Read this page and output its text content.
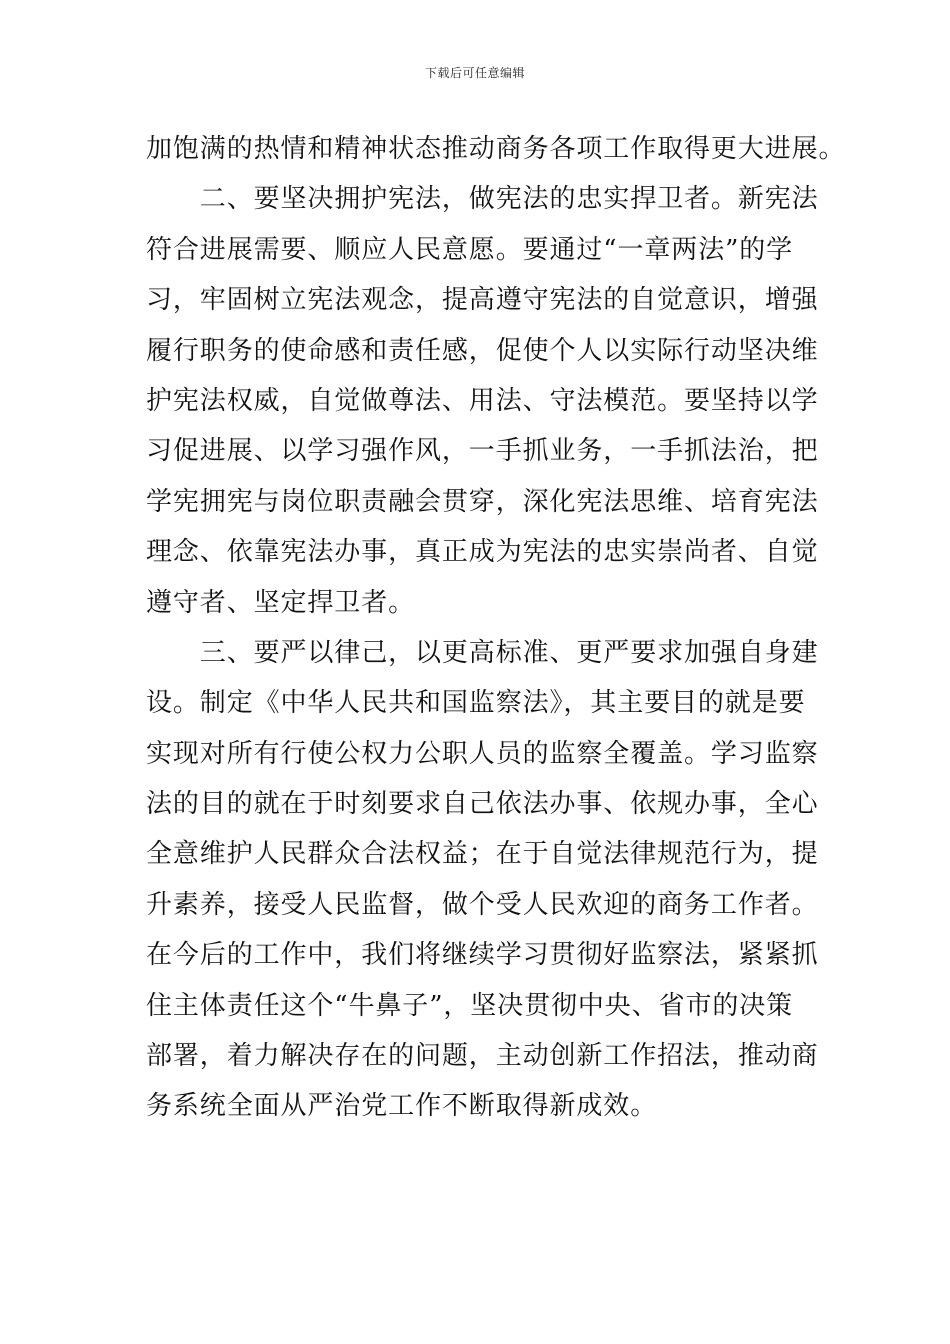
下载后可任意编辑
加饱满的热情和精神状态推动商务各项工作取得更大进展。
　　二、要坚决拥护宪法，做宪法的忠实捍卫者。新宪法
符合进展需要、顺应人民意愿。要通过“一章两法”的学
习，牢固树立宪法观念，提高遵守宪法的自觉意识，增强
履行职务的使命感和责任感，促使个人以实际行动坚决维
护宪法权威，自觉做尊法、用法、守法模范。要坚持以学
习促进展、以学习强作风，一手抓业务，一手抓法治，把
学宪拥宪与岗位职责融会贯穿，深化宪法思维、培育宪法
理念、依靠宪法办事，真正成为宪法的忠实崇尚者、自觉
遵守者、坚定捍卫者。
　　三、要严以律己，以更高标准、更严要求加强自身建
设。制定《中华人民共和国监察法》，其主要目的就是要
实现对所有行使公权力公职人员的监察全覆盖。学习监察
法的目的就在于时刻要求自己依法办事、依规办事，全心
全意维护人民群众合法权益；在于自觉法律规范行为，提
升素养，接受人民监督，做个受人民欢迎的商务工作者。
在今后的工作中，我们将继续学习贯彻好监察法，紧紧抓
住主体责任这个“牛鼻子”，坚决贯彻中央、省市的决策
部署，着力解决存在的问题，主动创新工作招法，推动商
务系统全面从严治党工作不断取得新成效。
